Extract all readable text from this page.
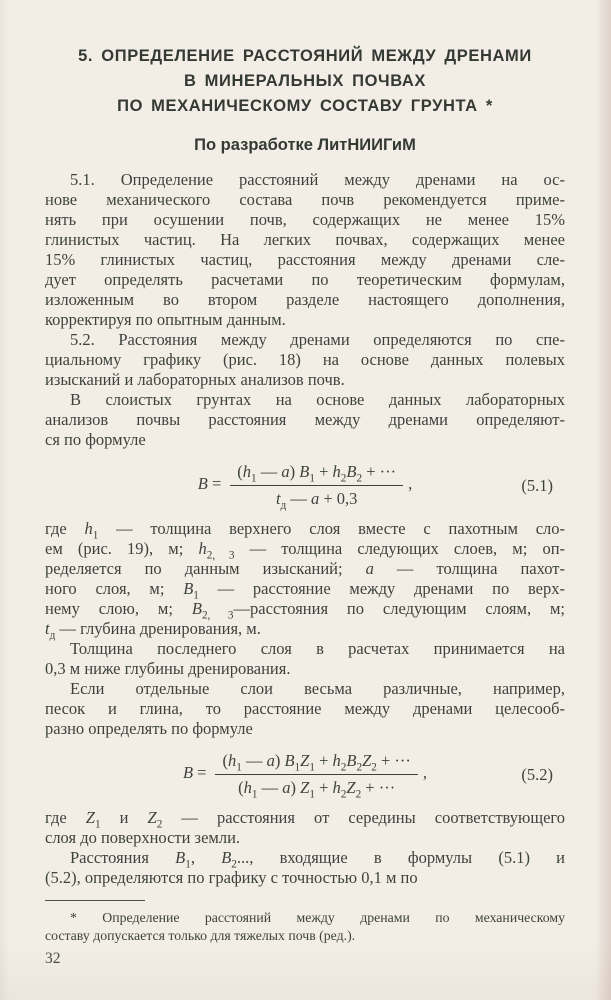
5. ОПРЕДЕЛЕНИЕ РАССТОЯНИЙ МЕЖДУ ДРЕНАМИ
В МИНЕРАЛЬНЫХ ПОЧВАХ
ПО МЕХАНИЧЕСКОМУ СОСТАВУ ГРУНТА *
По разработке ЛитНИИГиМ
5.1. Определение расстояний между дренами на ос-
нове механического состава почв рекомендуется приме-
нять при осушении почв, содержащих не менее 15%
глинистых частиц. На легких почвах, содержащих менее
15% глинистых частиц, расстояния между дренами сле-
дует определять расчетами по теоретическим формулам,
изложенным во втором разделе настоящего дополнения,
корректируя по опытным данным.
5.2. Расстояния между дренами определяются по спе-
циальному графику (рис. 18) на основе данных полевых
изысканий и лабораторных анализов почв.
В слоистых грунтах на основе данных лабораторных
анализов почвы расстояния между дренами определяют-
ся по формуле
$B = \frac{(h_1 — a) B_1 + h_2B_2 + \cdot\cdot\cdot}{t_д — a + 0,3}$ ,	(5.1)
где $h_1$ — толщина верхнего слоя вместе с пахотным сло-
ем (рис. 19), м; $h_{2, 3}$ — толщина следующих слоев, м; оп-
ределяется по данным изысканий; a — толщина пахот-
ного слоя, м; $B_1$ — расстояние между дренами по верх-
нему слою, м; $B_{2, 3}—расстояния$ по следующим слоям, м;
$t_д$ — глубина дренирования, м.
Толщина последнего слоя в расчетах принимается на
0,3 м ниже глубины дренирования.
Если отдельные слои весьма различные, например,
песок и глина, то расстояние между дренами целесооб-
разно определять по формуле
$B = \frac{(h_1 — a) B_1Z_1 + h_2B_2Z_2 + \cdot\cdot\cdot}{(h_1 — a) Z_1 + h_2Z_2 + \cdot\cdot\cdot}$ ,	(5.2)
где $Z_1$ и $Z_2$ — расстояния от середины соответствующего
слоя до поверхности земли.
Расстояния $B_1$, $B_2$..., входящие в формулы (5.1) и
(5.2), определяются по графику с точностью 0,1 м по
* Определение расстояний между дренами по механическому
составу допускается только для тяжелых почв (ред.).
32
